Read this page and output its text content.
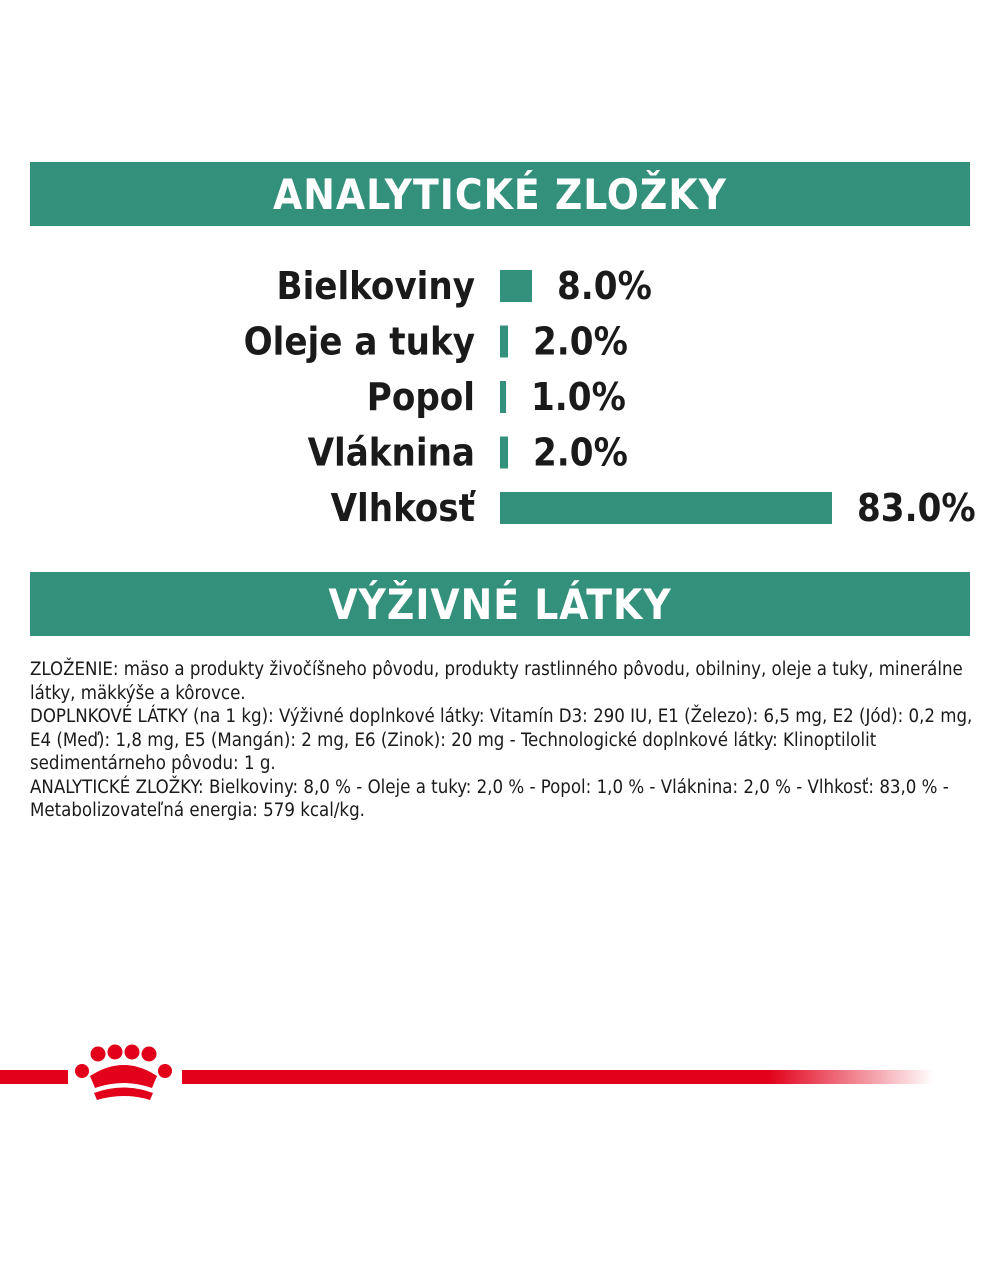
ANALYTICKÉ ZLOŽKY
Bielkoviny 8.0%
Oleje a tuky 2.0%
Popol 1.0%
Vláknina 2.0%
Vlhkosť	83.0%
VÝŽIVNÉ LÁTKY

ZLOŽENIE: mäso a produkty živočíšneho pôvodu, produkty rastlinného pôvodu, obilniny, oleje a tuky, minerálne látky, mäkkýše a kôrovce.

DOPLNKOVÉ LÁTKY (na 1 kg): Výživné doplnkové látky: Vitamín D3: 290 IU, E1 (Železo): 6,5 mg, E2 (Jód): 0,2 mg, E4 (Meď): 1,8 mg, E5 (Mangán): 2 mg, E6 (Zinok): 20 mg - Technologické doplnkové látky: Klinoptilolit sedimentárneho pôvodu: 1 g.

ANALYTICKÉ ZLOŽKY: Bielkoviny: 8,0 % - Oleje a tuky: 2,0 % - Popol: 1,0 % - Vláknina: 2,0 % - Vlhkosť: 83,0 % - Metabolizovateľná energia: 579 kcal/kg.
